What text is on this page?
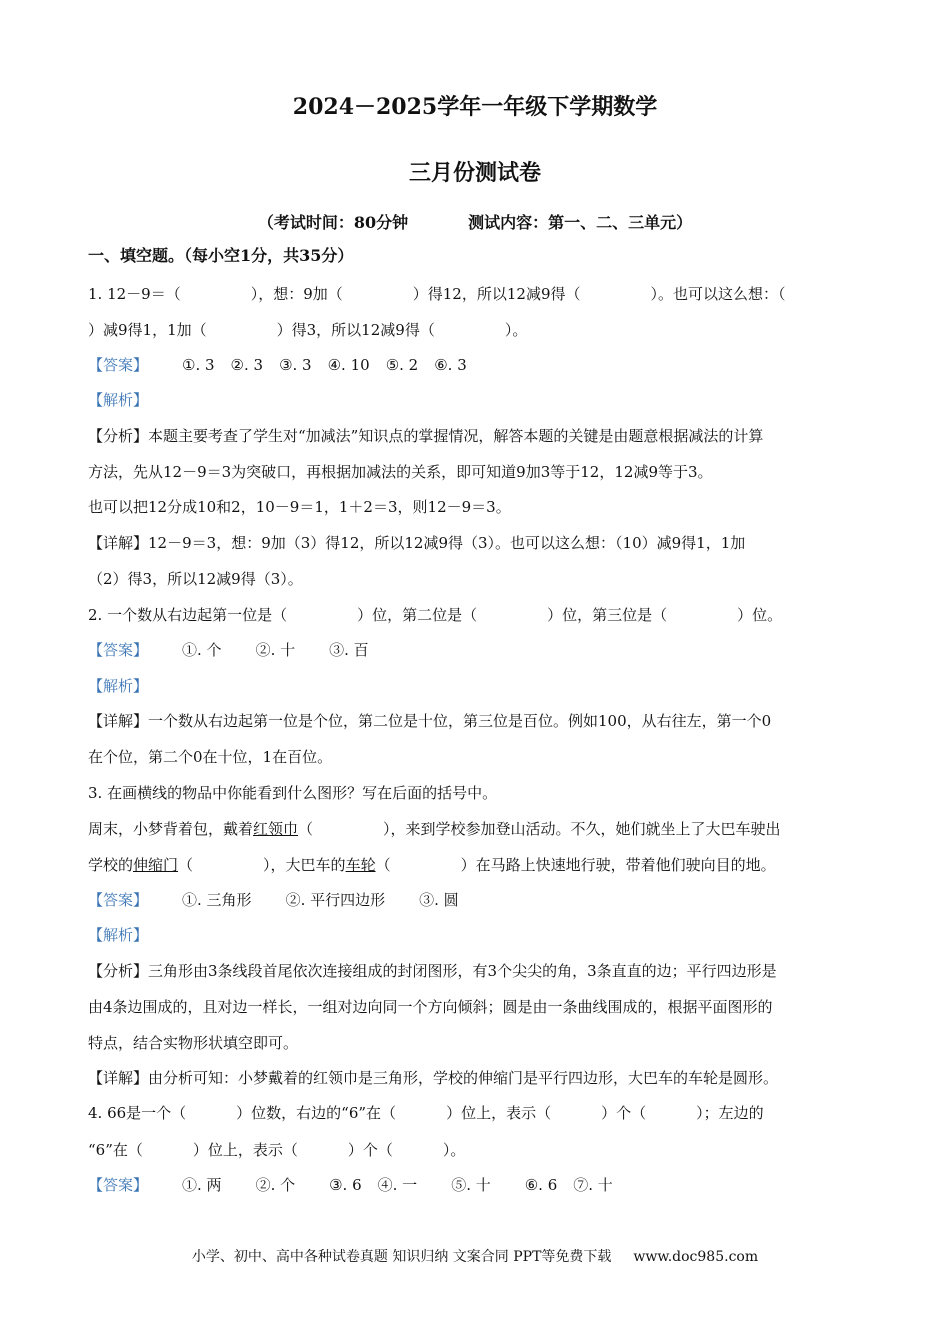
2024－2025学年一年级下学期数学
三月份测试卷
（考试时间：80分钟	测试内容：第一、二、三单元）
一、填空题。（每小空1分，共35分）
1. 12－9＝（	），想：9加（	）得12，所以12减9得（	）。也可以这么想：（
）减9得1，1加（	）得3，所以12减9得（	）。
【答案】 ①. 3 ②. 3 ③. 3 ④. 10 ⑤. 2 ⑥. 3
【解析】
【分析】本题主要考查了学生对“加减法”知识点的掌握情况，解答本题的关键是由题意根据减法的计算
方法，先从12－9＝3为突破口，再根据加减法的关系，即可知道9加3等于12，12减9等于3。
也可以把12分成10和2，10－9＝1，1＋2＝3，则12－9＝3。
【详解】12－9＝3，想：9加（3）得12，所以12减9得（3）。也可以这么想：（10）减9得1，1加
（2）得3，所以12减9得（3）。
2. 一个数从右边起第一位是（	）位，第二位是（	）位，第三位是（	）位。
【答案】 ①. 个 ②. 十 ③. 百
【解析】
【详解】一个数从右边起第一位是个位，第二位是十位，第三位是百位。例如100，从右往左，第一个0
在个位，第二个0在十位，1在百位。
3. 在画横线的物品中你能看到什么图形？写在后面的括号中。
周末，小梦背着包，戴着红领巾（	），来到学校参加登山活动。不久，她们就坐上了大巴车驶出
学校的伸缩门（	），大巴车的车轮（	）在马路上快速地行驶，带着他们驶向目的地。
【答案】 ①. 三角形 ②. 平行四边形 ③. 圆
【解析】
【分析】三角形由3条线段首尾依次连接组成的封闭图形，有3个尖尖的角，3条直直的边；平行四边形是
由4条边围成的，且对边一样长，一组对边向同一个方向倾斜；圆是由一条曲线围成的，根据平面图形的
特点，结合实物形状填空即可。
【详解】由分析可知：小梦戴着的红领巾是三角形，学校的伸缩门是平行四边形，大巴车的车轮是圆形。
4. 66是一个（	）位数，右边的“6”在（	）位上，表示（	）个（	）；左边的
“6”在（	）位上，表示（	）个（	）。
【答案】 ①. 两 ②. 个 ③. 6 ④. 一 ⑤. 十 ⑥. 6 ⑦. 十
小学、初中、高中各种试卷真题 知识归纳 文案合同 PPT等免费下载 www.doc985.com
